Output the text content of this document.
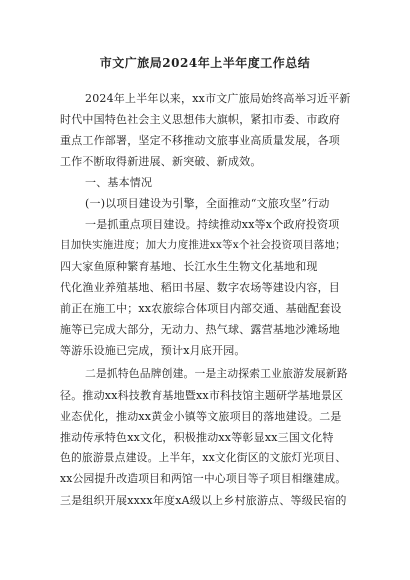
市文广旅局2024年上半年度工作总结
2024年上半年以来，xx市文广旅局始终高举习近平新
时代中国特色社会主义思想伟大旗帜，紧扣市委、市政府
重点工作部署，坚定不移推动文旅事业高质量发展，各项
工作不断取得新进展、新突破、新成效。
一、基本情况
(一)以项目建设为引擎，全面推动“文旅攻坚”行动
一是抓重点项目建设。持续推动xx等x个政府投资项
目加快实施进度；加大力度推进xx等x个社会投资项目落地；
四大家鱼原种繁育基地、长江水生生物文化基地和现
代化渔业养殖基地、稻田书屋、数字农场等建设内容，目
前正在施工中；xx农旅综合体项目内部交通、基础配套设
施等已完成大部分，无动力、热气球、露营基地沙滩场地
等游乐设施已完成，预计x月底开园。
二是抓特色品牌创建。一是主动探索工业旅游发展新路
径。推动xx科技教育基地暨xx市科技馆主题研学基地景区
业态优化，推动xx黄金小镇等文旅项目的落地建设。二是
推动传承特色xx文化，积极推动xx等彰显xx三国文化特
色的旅游景点建设。上半年，xx文化街区的文旅灯光项目、
xx公园提升改造项目和两馆一中心项目等子项目相继建成。
三是组织开展xxxx年度xA级以上乡村旅游点、等级民宿的
